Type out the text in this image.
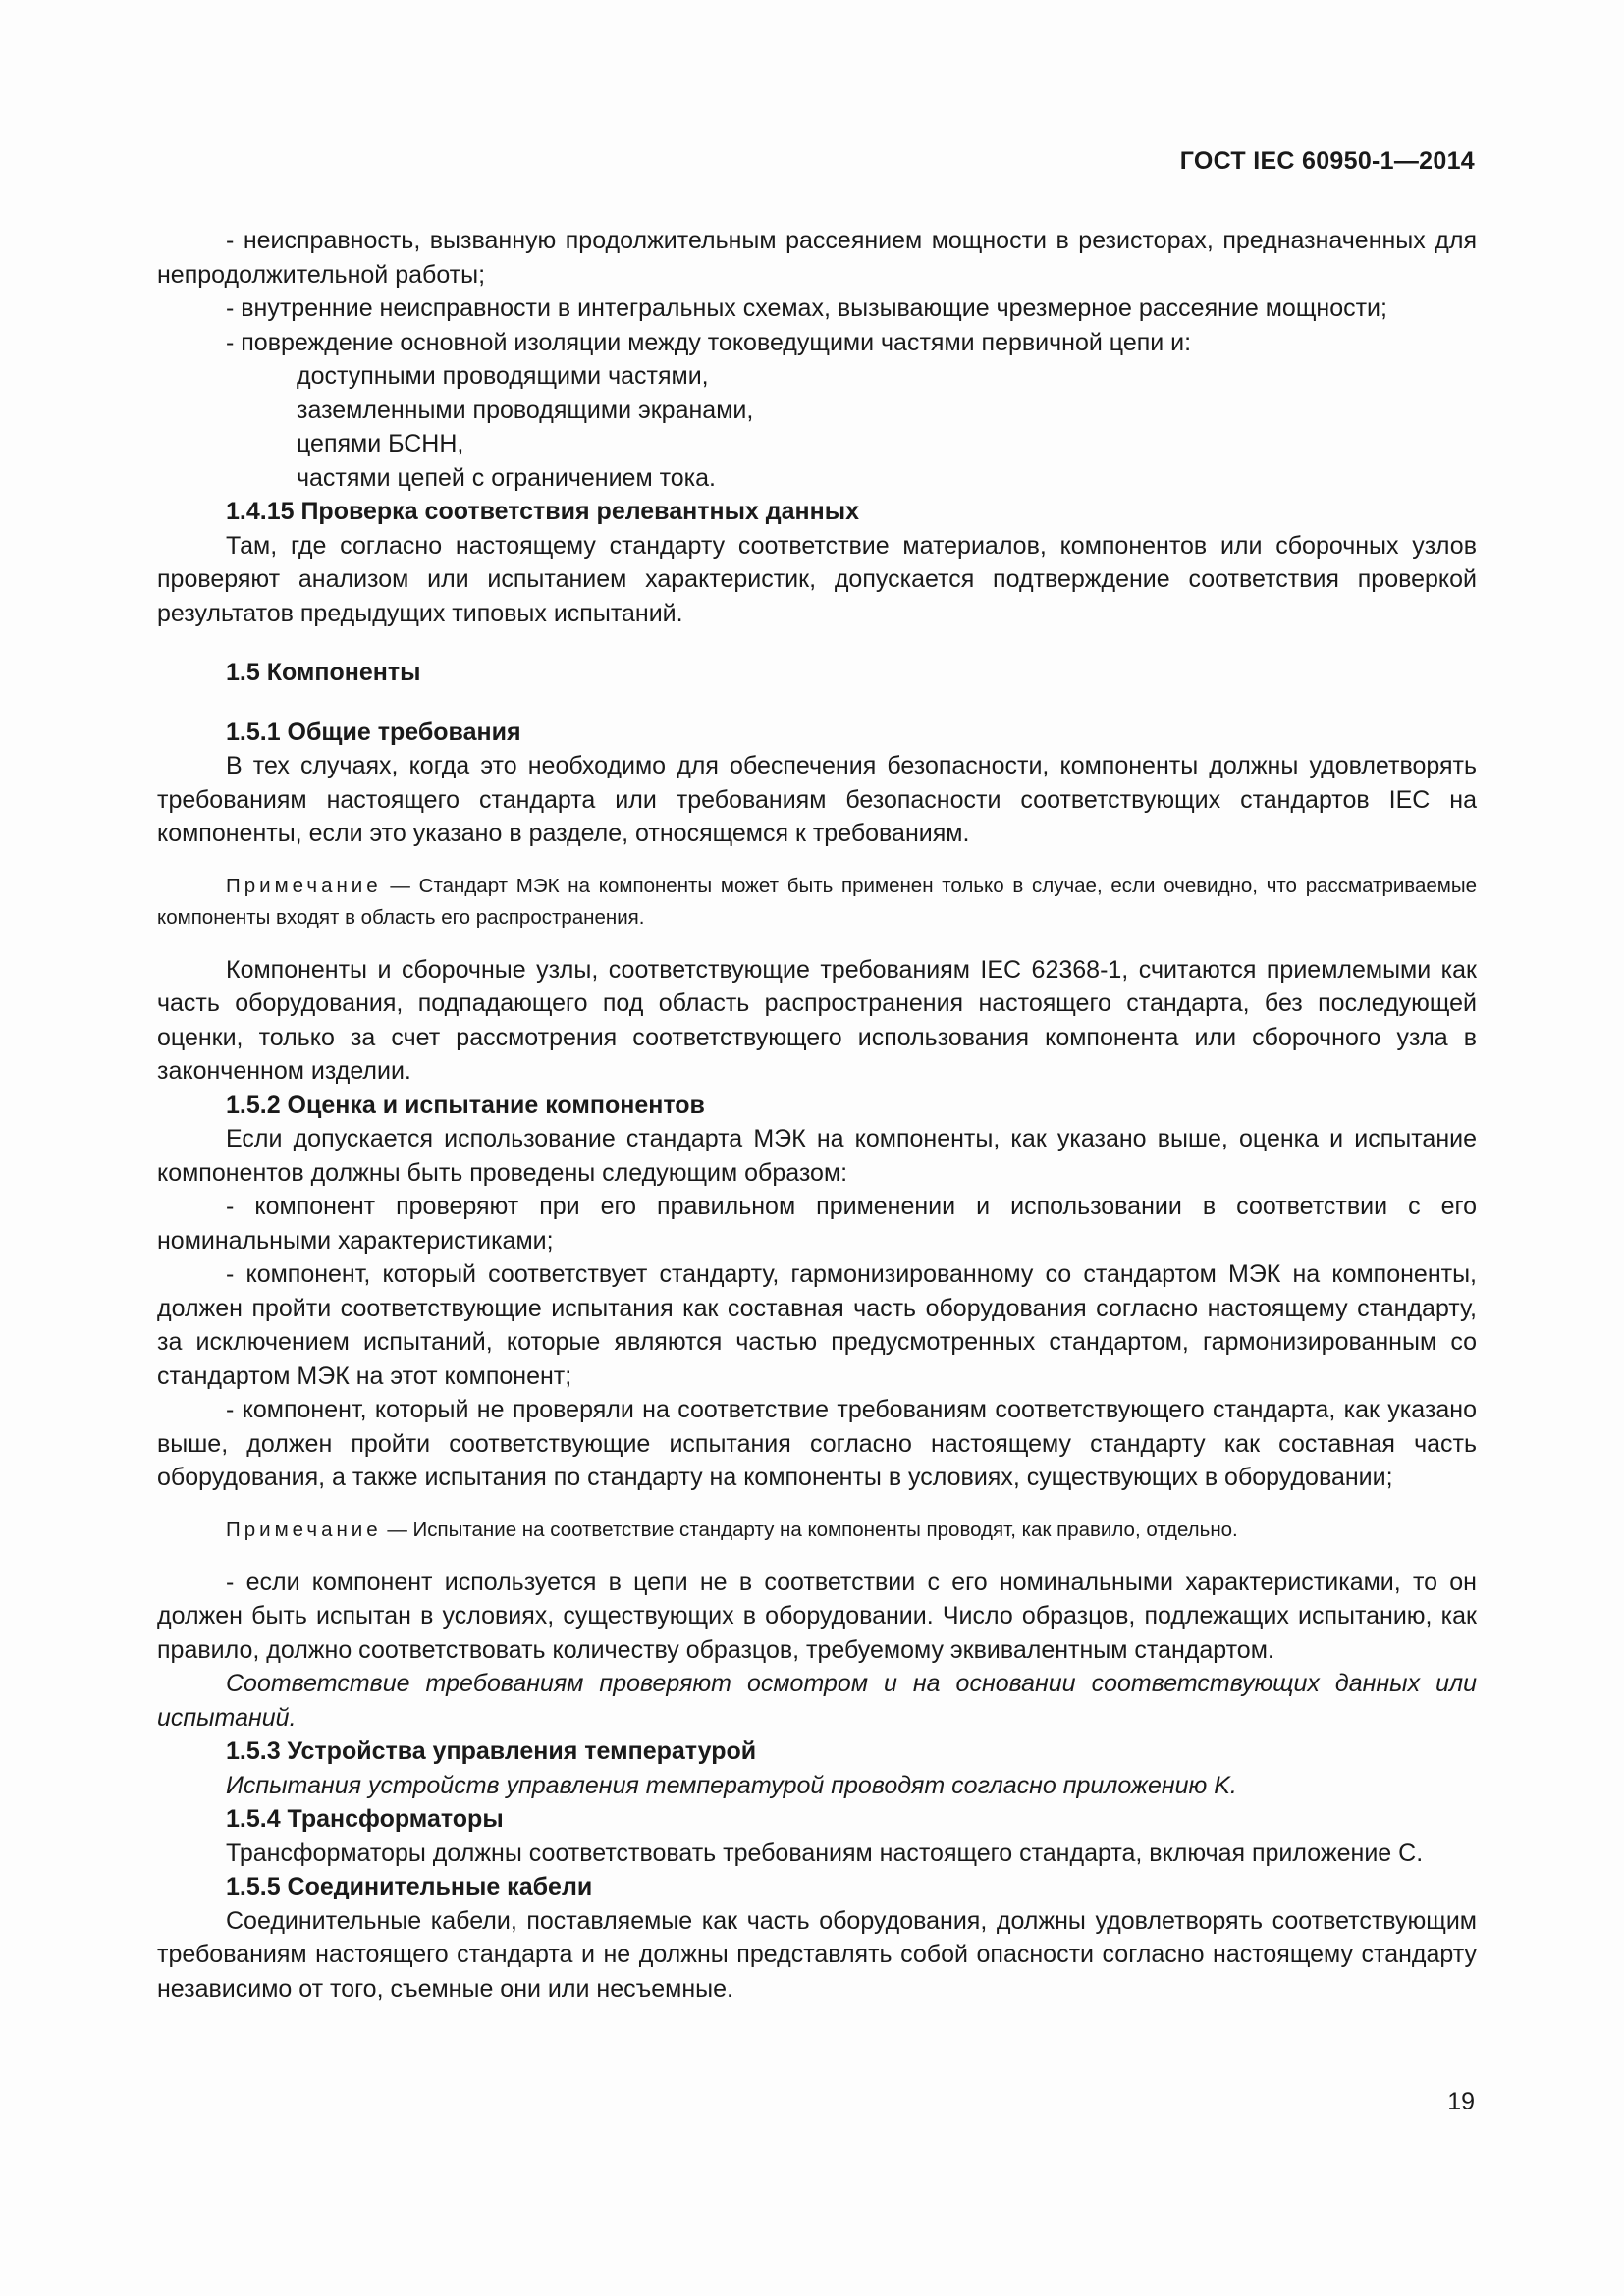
ГОСТ IEC 60950-1—2014

- неисправность, вызванную продолжительным рассеянием мощности в резисторах, предназначенных для непродолжительной работы;

- внутренние неисправности в интегральных схемах, вызывающие чрезмерное рассеяние мощности;

- повреждение основной изоляции между токоведущими частями первичной цепи и:

доступными проводящими частями,

заземленными проводящими экранами,

цепями БСНН,

частями цепей с ограничением тока.

1.4.15 Проверка соответствия релевантных данных

Там, где согласно настоящему стандарту соответствие материалов, компонентов или сборочных узлов проверяют анализом или испытанием характеристик, допускается подтверждение соответствия проверкой результатов предыдущих типовых испытаний.

1.5 Компоненты

1.5.1 Общие требования

В тех случаях, когда это необходимо для обеспечения безопасности, компоненты должны удовлетворять требованиям настоящего стандарта или требованиям безопасности соответствующих стандартов IEC на компоненты, если это указано в разделе, относящемся к требованиям.

Примечание — Стандарт МЭК на компоненты может быть применен только в случае, если очевидно, что рассматриваемые компоненты входят в область его распространения.

Компоненты и сборочные узлы, соответствующие требованиям IEC 62368-1, считаются приемлемыми как часть оборудования, подпадающего под область распространения настоящего стандарта, без последующей оценки, только за счет рассмотрения соответствующего использования компонента или сборочного узла в законченном изделии.

1.5.2 Оценка и испытание компонентов

Если допускается использование стандарта МЭК на компоненты, как указано выше, оценка и испытание компонентов должны быть проведены следующим образом:

- компонент проверяют при его правильном применении и использовании в соответствии с его номинальными характеристиками;

- компонент, который соответствует стандарту, гармонизированному со стандартом МЭК на компоненты, должен пройти соответствующие испытания как составная часть оборудования согласно настоящему стандарту, за исключением испытаний, которые являются частью предусмотренных стандартом, гармонизированным со стандартом МЭК на этот компонент;

- компонент, который не проверяли на соответствие требованиям соответствующего стандарта, как указано выше, должен пройти соответствующие испытания согласно настоящему стандарту как составная часть оборудования, а также испытания по стандарту на компоненты в условиях, существующих в оборудовании;

Примечание — Испытание на соответствие стандарту на компоненты проводят, как правило, отдельно.

- если компонент используется в цепи не в соответствии с его номинальными характеристиками, то он должен быть испытан в условиях, существующих в оборудовании. Число образцов, подлежащих испытанию, как правило, должно соответствовать количеству образцов, требуемому эквивалентным стандартом.

Соответствие требованиям проверяют осмотром и на основании соответствующих данных или испытаний.

1.5.3 Устройства управления температурой

Испытания устройств управления температурой проводят согласно приложению K.

1.5.4 Трансформаторы

Трансформаторы должны соответствовать требованиям настоящего стандарта, включая приложение C.

1.5.5 Соединительные кабели

Соединительные кабели, поставляемые как часть оборудования, должны удовлетворять соответствующим требованиям настоящего стандарта и не должны представлять собой опасности согласно настоящему стандарту независимо от того, съемные они или несъемные.

19
